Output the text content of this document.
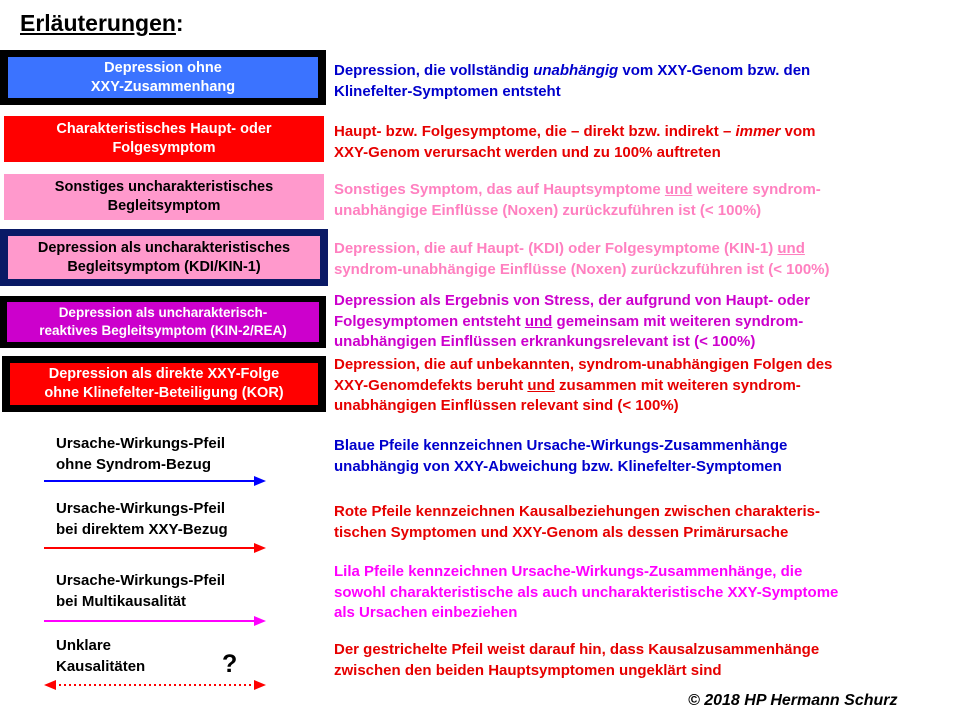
Erläuterungen:
Depression ohne
XXY-Zusammenhang
Depression, die vollständig unabhängig vom XXY-Genom bzw. den
Klinefelter-Symptomen entsteht
Charakteristisches Haupt- oder
Folgesymptom
Haupt- bzw. Folgesymptome, die – direkt bzw. indirekt – immer vom
XXY-Genom verursacht werden und zu 100% auftreten
Sonstiges uncharakteristisches
Begleitsymptom
Sonstiges Symptom, das auf Hauptsymptome und weitere syndrom-
unabhängige Einflüsse (Noxen) zurückzuführen ist (< 100%)
Depression als uncharakteristisches
Begleitsymptom (KDI/KIN-1)
Depression, die auf Haupt- (KDI) oder Folgesymptome (KIN-1) und
syndrom-unabhängige Einflüsse (Noxen) zurückzuführen ist (< 100%)
Depression als uncharakterisch-
reaktives Begleitsymptom (KIN-2/REA)
Depression als Ergebnis von Stress, der aufgrund von Haupt- oder
Folgesymptomen entsteht und gemeinsam mit weiteren syndrom-
unabhängigen Einflüssen erkrankungsrelevant ist (< 100%)
Depression als direkte XXY-Folge
ohne Klinefelter-Beteiligung (KOR)
Depression, die auf unbekannten, syndrom-unabhängigen Folgen des
XXY-Genomdefekts beruht und zusammen mit weiteren syndrom-
unabhängigen Einflüssen relevant sind (< 100%)
Ursache-Wirkungs-Pfeil
ohne Syndrom-Bezug
Blaue Pfeile kennzeichnen Ursache-Wirkungs-Zusammenhänge
unabhängig von XXY-Abweichung bzw. Klinefelter-Symptomen
Ursache-Wirkungs-Pfeil
bei direktem XXY-Bezug
Rote Pfeile kennzeichnen Kausalbeziehungen zwischen charakteris-
tischen Symptomen und XXY-Genom als dessen Primärursache
Ursache-Wirkungs-Pfeil
bei Multikausalität
Lila Pfeile kennzeichnen Ursache-Wirkungs-Zusammenhänge, die
sowohl charakteristische als auch uncharakteristische XXY-Symptome
als Ursachen einbeziehen
Unklare
Kausalitäten	?
Der gestrichelte Pfeil weist darauf hin, dass Kausalzusammenhänge
zwischen den beiden Hauptsymptomen ungeklärt sind
© 2018 HP Hermann Schurz
